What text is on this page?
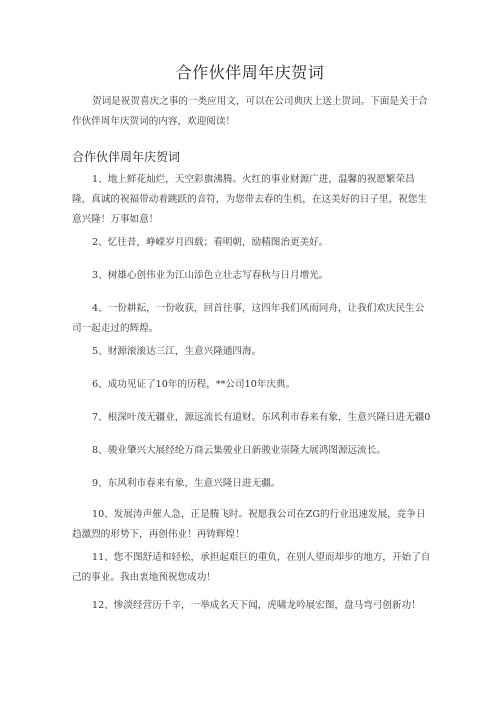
合作伙伴周年庆贺词
贺词是祝贺喜庆之事的一类应用文，可以在公司典庆上送上贺词。下面是关于合作伙伴周年庆贺词的内容，欢迎阅读！
合作伙伴周年庆贺词
1、地上鲜花灿烂，天空彩旗沸腾。火红的事业财源广进，温馨的祝愿繁荣昌隆，真诚的祝福带动着跳跃的音符，为您带去春的生机，在这美好的日子里，祝您生意兴隆！万事如意！
2、忆往昔，峥嵘岁月四载；看明朝，励精图治更美好。
3、树雄心创伟业为江山添色立壮志写春秋与日月增光。
4、一份耕耘，一份收获，回首往事，这四年我们风雨同舟，让我们欢庆民生公司一起走过的辉煌。
5、财源滚滚达三江，生意兴隆通四海。
6、成功见证了10年的历程，**公司10年庆典。
7、根深叶茂无疆业，源远流长有道财。东风利市春来有象，生意兴隆日进无疆0
8、骏业肇兴大展经纶万商云集骏业日新骏业崇隆大展鸿图源远流长。
9、东风利市春来有象，生意兴隆日进无疆。
10、发展涛声催人急，正是腾飞时。祝愿我公司在ZG的行业迅速发展，竞争日趋激烈的形势下，再创伟业！再铸辉煌！
11、您不图舒适和轻松，承担起艰巨的重负，在别人望而却步的地方，开始了自己的事业。我由衷地预祝您成功！
12、惨淡经营历千辛，一举成名天下闻，虎啸龙吟展宏图，盘马弯弓创新功！
